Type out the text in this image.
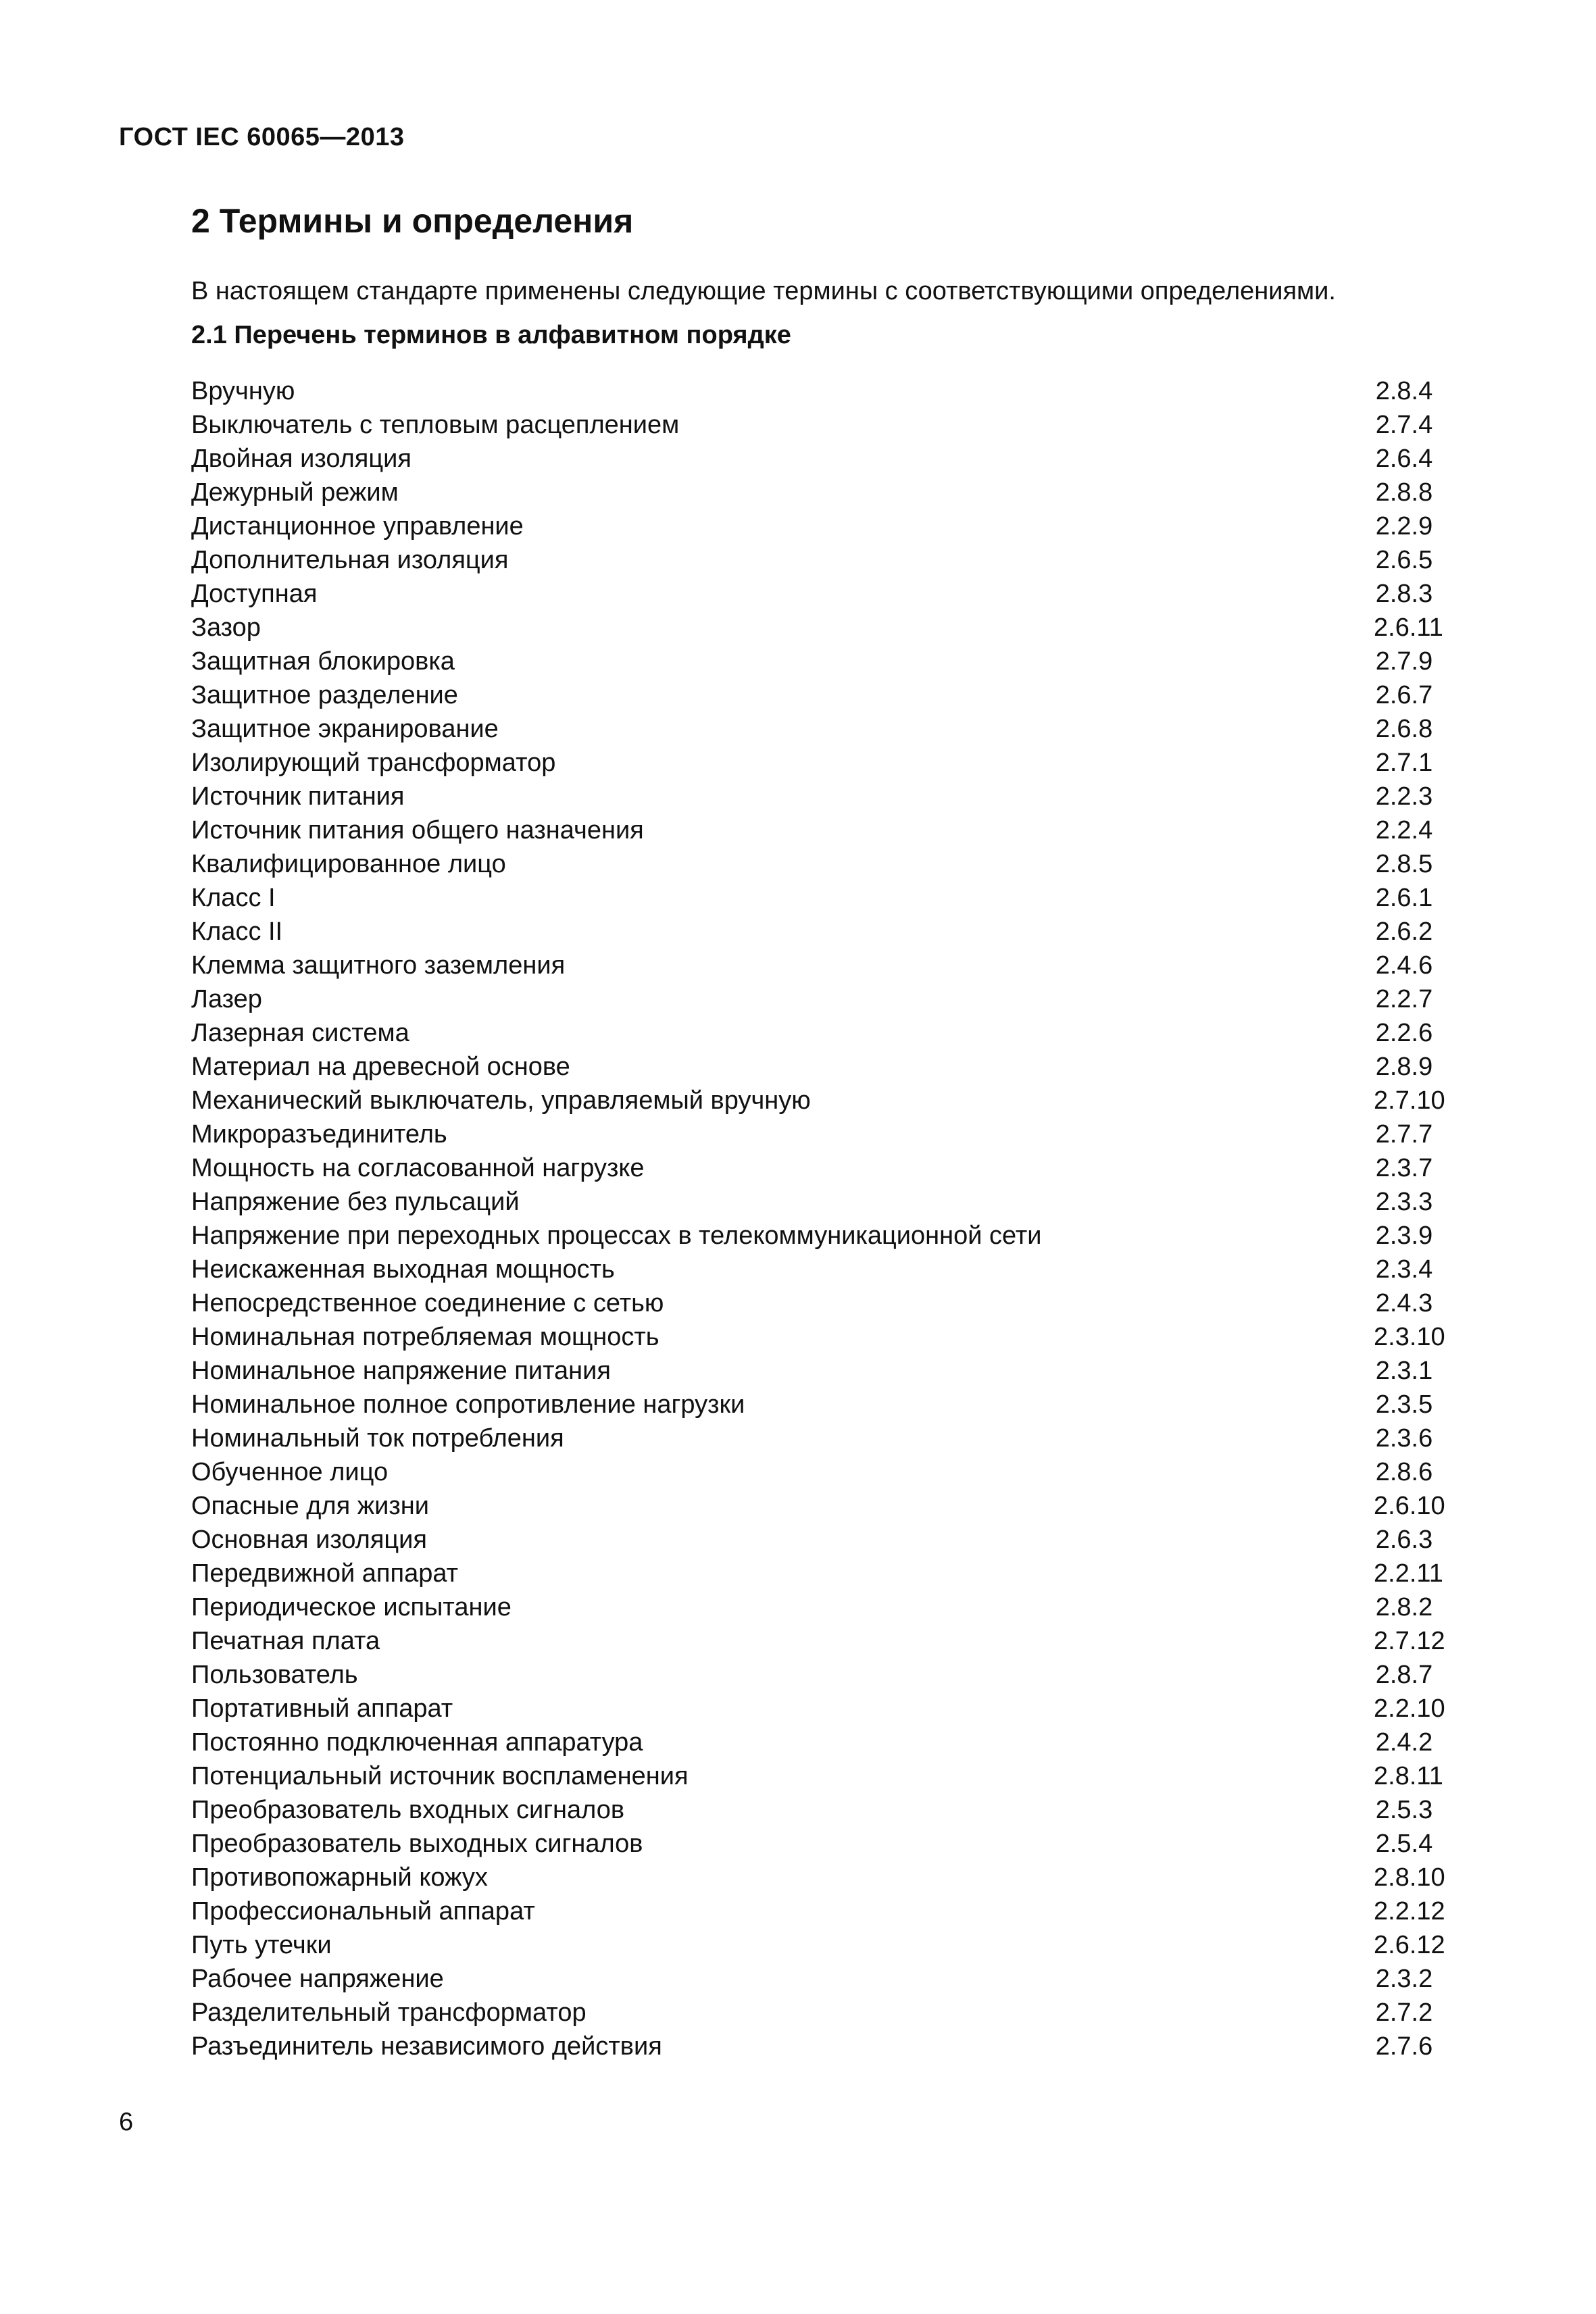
ГОСТ IEC 60065—2013
2 Термины и определения
В настоящем стандарте применены следующие термины с соответствующими определениями.
2.1 Перечень терминов в алфавитном порядке
Вручную	2.8.4
Выключатель с тепловым расцеплением	2.7.4
Двойная изоляция	2.6.4
Дежурный режим	2.8.8
Дистанционное управление	2.2.9
Дополнительная изоляция	2.6.5
Доступная	2.8.3
Зазор	2.6.11
Защитная блокировка	2.7.9
Защитное разделение	2.6.7
Защитное экранирование	2.6.8
Изолирующий трансформатор	2.7.1
Источник питания	2.2.3
Источник питания общего назначения	2.2.4
Квалифицированное лицо	2.8.5
Класс I	2.6.1
Класс II	2.6.2
Клемма защитного заземления	2.4.6
Лазер	2.2.7
Лазерная система	2.2.6
Материал на древесной основе	2.8.9
Механический выключатель, управляемый вручную	2.7.10
Микроразъединитель	2.7.7
Мощность на согласованной нагрузке	2.3.7
Напряжение без пульсаций	2.3.3
Напряжение при переходных процессах в телекоммуникационной сети	2.3.9
Неискаженная выходная мощность	2.3.4
Непосредственное соединение с сетью	2.4.3
Номинальная потребляемая мощность	2.3.10
Номинальное напряжение питания	2.3.1
Номинальное полное сопротивление нагрузки	2.3.5
Номинальный ток потребления	2.3.6
Обученное лицо	2.8.6
Опасные для жизни	2.6.10
Основная изоляция	2.6.3
Передвижной аппарат	2.2.11
Периодическое испытание	2.8.2
Печатная плата	2.7.12
Пользователь	2.8.7
Портативный аппарат	2.2.10
Постоянно подключенная аппаратура	2.4.2
Потенциальный источник воспламенения	2.8.11
Преобразователь входных сигналов	2.5.3
Преобразователь выходных сигналов	2.5.4
Противопожарный кожух	2.8.10
Профессиональный аппарат	2.2.12
Путь утечки	2.6.12
Рабочее напряжение	2.3.2
Разделительный трансформатор	2.7.2
Разъединитель независимого действия	2.7.6
6
